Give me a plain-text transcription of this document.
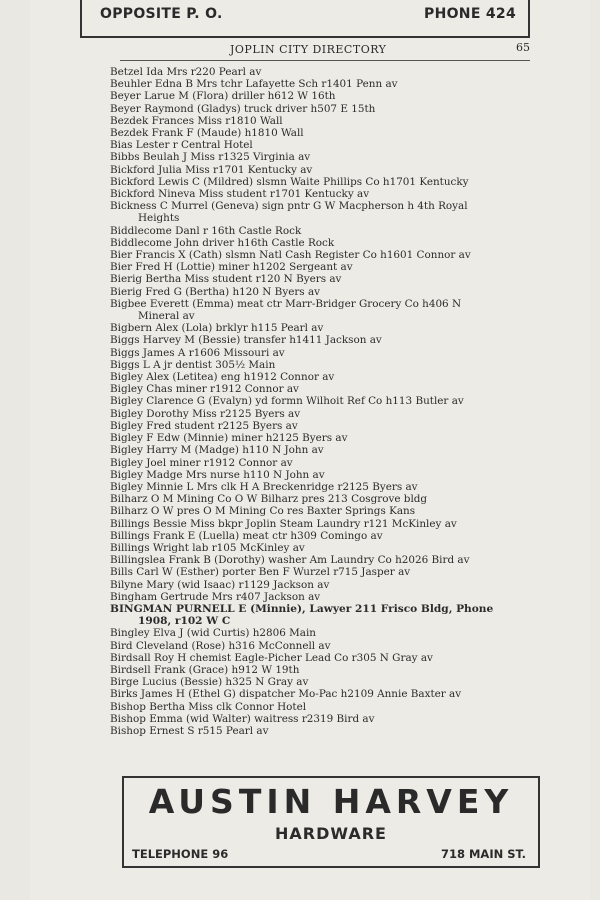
OPPOSITE P. O.	PHONE 424
JOPLIN CITY DIRECTORY	65
Betzel Ida Mrs r220 Pearl av
Beuhler Edna B Mrs tchr Lafayette Sch r1401 Penn av
Beyer Larue M (Flora) driller h612 W 16th
Beyer Raymond (Gladys) truck driver h507 E 15th
Bezdek Frances Miss r1810 Wall
Bezdek Frank F (Maude) h1810 Wall
Bias Lester r Central Hotel
Bibbs Beulah J Miss r1325 Virginia av
Bickford Julia Miss r1701 Kentucky av
Bickford Lewis C (Mildred) slsmn Waite Phillips Co h1701 Kentucky
Bickford Nineva Miss student r1701 Kentucky av
Bickness C Murrel (Geneva) sign pntr G W Macpherson h 4th Royal
Heights
Biddlecome Danl r 16th Castle Rock
Biddlecome John driver h16th Castle Rock
Bier Francis X (Cath) slsmn Natl Cash Register Co h1601 Connor av
Bier Fred H (Lottie) miner h1202 Sergeant av
Bierig Bertha Miss student r120 N Byers av
Bierig Fred G (Bertha) h120 N Byers av
Bigbee Everett (Emma) meat ctr Marr-Bridger Grocery Co h406 N
Mineral av
Bigbern Alex (Lola) brklyr h115 Pearl av
Biggs Harvey M (Bessie) transfer h1411 Jackson av
Biggs James A r1606 Missouri av
Biggs L A jr dentist 305½ Main
Bigley Alex (Letitea) eng h1912 Connor av
Bigley Chas miner r1912 Connor av
Bigley Clarence G (Evalyn) yd formn Wilhoit Ref Co h113 Butler av
Bigley Dorothy Miss r2125 Byers av
Bigley Fred student r2125 Byers av
Bigley F Edw (Minnie) miner h2125 Byers av
Bigley Harry M (Madge) h110 N John av
Bigley Joel miner r1912 Connor av
Bigley Madge Mrs nurse h110 N John av
Bigley Minnie L Mrs clk H A Breckenridge r2125 Byers av
Bilharz O M Mining Co O W Bilharz pres 213 Cosgrove bldg
Bilharz O W pres O M Mining Co res Baxter Springs Kans
Billings Bessie Miss bkpr Joplin Steam Laundry r121 McKinley av
Billings Frank E (Luella) meat ctr h309 Comingo av
Billings Wright lab r105 McKinley av
Billingslea Frank B (Dorothy) washer Am Laundry Co h2026 Bird av
Bills Carl W (Esther) porter Ben F Wurzel r715 Jasper av
Bilyne Mary (wid Isaac) r1129 Jackson av
Bingham Gertrude Mrs r407 Jackson av
BINGMAN PURNELL E (Minnie), Lawyer 211 Frisco Bldg, Phone
1908, r102 W C
Bingley Elva J (wid Curtis) h2806 Main
Bird Cleveland (Rose) h316 McConnell av
Birdsall Roy H chemist Eagle-Picher Lead Co r305 N Gray av
Birdsell Frank (Grace) h912 W 19th
Birge Lucius (Bessie) h325 N Gray av
Birks James H (Ethel G) dispatcher Mo-Pac h2109 Annie Baxter av
Bishop Bertha Miss clk Connor Hotel
Bishop Emma (wid Walter) waitress r2319 Bird av
Bishop Ernest S r515 Pearl av
AUSTIN HARVEY
HARDWARE
TELEPHONE 96	718 MAIN ST.
